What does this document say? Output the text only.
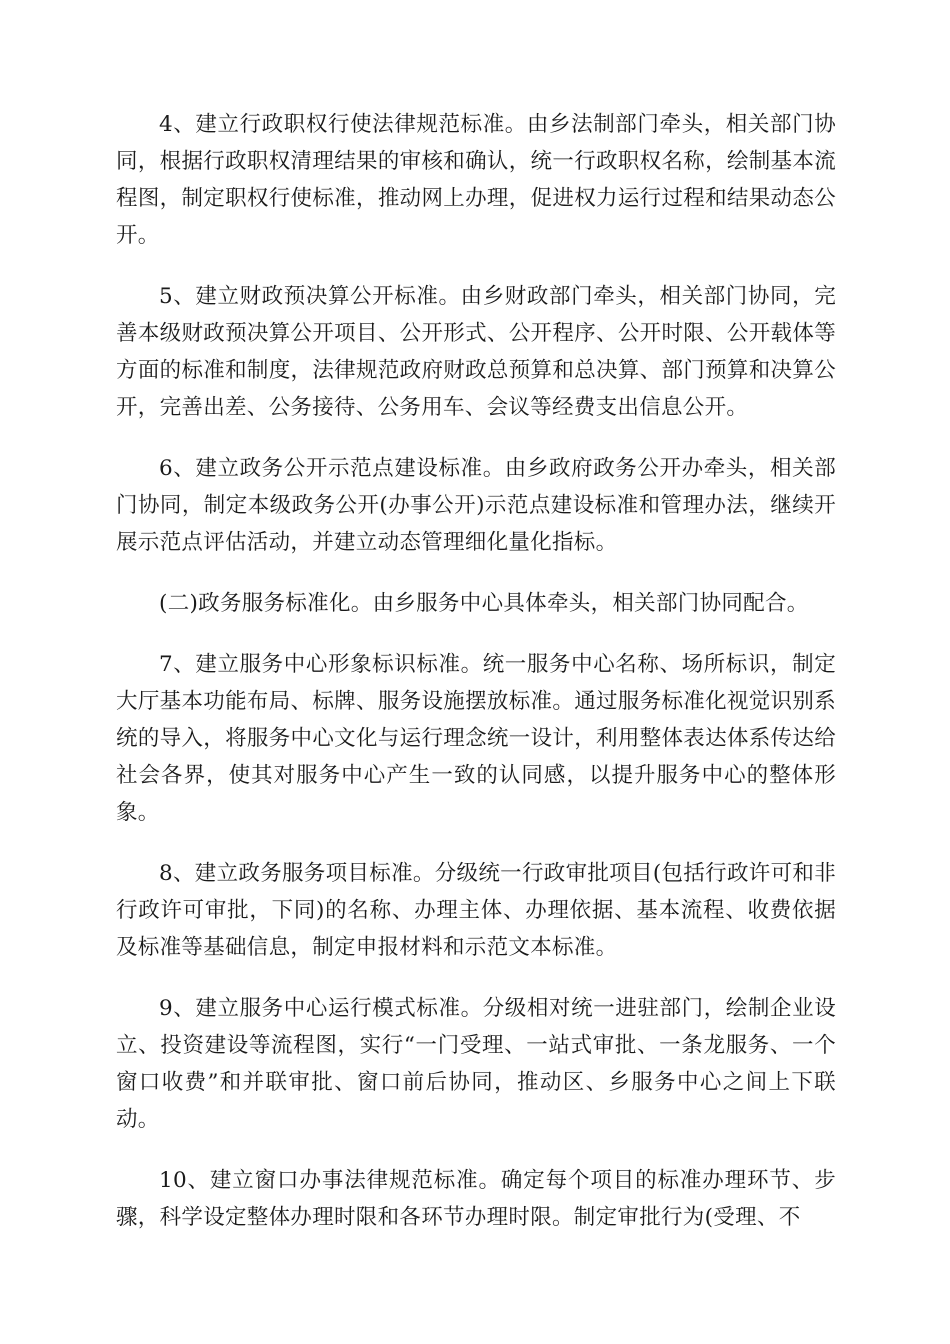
4、建立行政职权行使法律规范标准。由乡法制部门牵头，相关部门协同，根据行政职权清理结果的审核和确认，统一行政职权名称，绘制基本流程图，制定职权行使标准，推动网上办理，促进权力运行过程和结果动态公开。

5、建立财政预决算公开标准。由乡财政部门牵头，相关部门协同，完善本级财政预决算公开项目、公开形式、公开程序、公开时限、公开载体等方面的标准和制度，法律规范政府财政总预算和总决算、部门预算和决算公开，完善出差、公务接待、公务用车、会议等经费支出信息公开。

6、建立政务公开示范点建设标准。由乡政府政务公开办牵头，相关部门协同，制定本级政务公开(办事公开)示范点建设标准和管理办法，继续开展示范点评估活动，并建立动态管理细化量化指标。

(二)政务服务标准化。由乡服务中心具体牵头，相关部门协同配合。

7、建立服务中心形象标识标准。统一服务中心名称、场所标识，制定大厅基本功能布局、标牌、服务设施摆放标准。通过服务标准化视觉识别系统的导入，将服务中心文化与运行理念统一设计，利用整体表达体系传达给社会各界，使其对服务中心产生一致的认同感，以提升服务中心的整体形象。

8、建立政务服务项目标准。分级统一行政审批项目(包括行政许可和非行政许可审批，下同)的名称、办理主体、办理依据、基本流程、收费依据及标准等基础信息，制定申报材料和示范文本标准。

9、建立服务中心运行模式标准。分级相对统一进驻部门，绘制企业设立、投资建设等流程图，实行“一门受理、一站式审批、一条龙服务、一个窗口收费”和并联审批、窗口前后协同，推动区、乡服务中心之间上下联动。

10、建立窗口办事法律规范标准。确定每个项目的标准办理环节、步骤，科学设定整体办理时限和各环节办理时限。制定审批行为(受理、不
